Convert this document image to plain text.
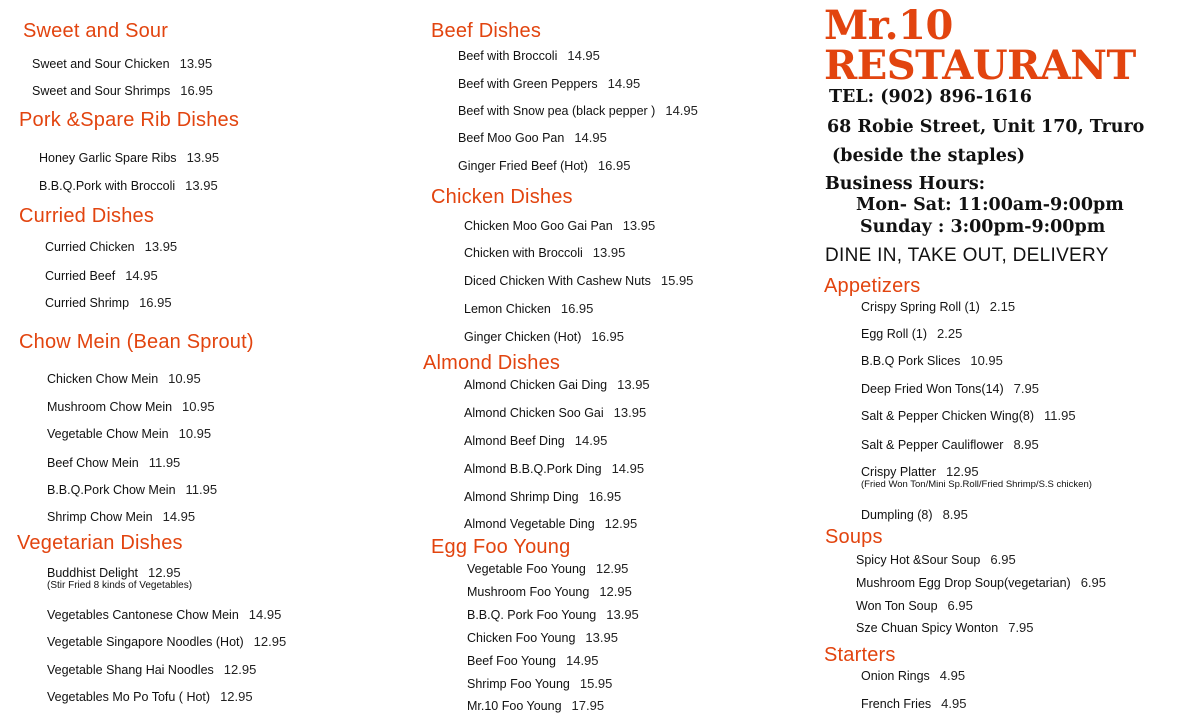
Sweet and Sour
Sweet and Sour Chicken 13.95
Sweet and Sour Shrimps 16.95
Pork &Spare Rib Dishes
Honey Garlic Spare Ribs 13.95
B.B.Q.Pork with Broccoli 13.95
Curried Dishes
Curried Chicken 13.95
Curried Beef 14.95
Curried Shrimp 16.95
Chow Mein (Bean Sprout)
Chicken Chow Mein 10.95
Mushroom Chow Mein 10.95
Vegetable Chow Mein 10.95
Beef Chow Mein 11.95
B.B.Q.Pork Chow Mein 11.95
Shrimp Chow Mein 14.95
Vegetarian Dishes
Buddhist Delight 12.95
(Stir Fried 8 kinds of Vegetables)
Vegetables Cantonese Chow Mein 14.95
Vegetable Singapore Noodles (Hot) 12.95
Vegetable Shang Hai Noodles 12.95
Vegetables Mo Po Tofu ( Hot) 12.95
Beef Dishes
Beef with Broccoli 14.95
Beef with Green Peppers 14.95
Beef with Snow pea (black pepper ) 14.95
Beef Moo Goo Pan 14.95
Ginger Fried Beef (Hot) 16.95
Chicken Dishes
Chicken Moo Goo Gai Pan 13.95
Chicken with Broccoli 13.95
Diced Chicken With Cashew Nuts 15.95
Lemon Chicken 16.95
Ginger Chicken (Hot) 16.95
Almond Dishes
Almond Chicken Gai Ding 13.95
Almond Chicken Soo Gai 13.95
Almond Beef Ding 14.95
Almond B.B.Q.Pork Ding 14.95
Almond Shrimp Ding 16.95
Almond Vegetable Ding 12.95
Egg Foo Young
Vegetable Foo Young 12.95
Mushroom Foo Young 12.95
B.B.Q. Pork Foo Young 13.95
Chicken Foo Young 13.95
Beef Foo Young 14.95
Shrimp Foo Young 15.95
Mr.10 Foo Young 17.95
Mr.10
RESTAURANT
TEL: (902) 896-1616
68 Robie Street, Unit 170, Truro
(beside the staples)
Business Hours:
Mon- Sat: 11:00am-9:00pm
Sunday : 3:00pm-9:00pm
DINE IN, TAKE OUT, DELIVERY
Appetizers
Crispy Spring Roll (1) 2.15
Egg Roll (1) 2.25
B.B.Q Pork Slices 10.95
Deep Fried Won Tons(14) 7.95
Salt & Pepper Chicken Wing(8) 11.95
Salt & Pepper Cauliflower 8.95
Crispy Platter 12.95
(Fried Won Ton/Mini Sp.Roll/Fried Shrimp/S.S chicken)
Dumpling (8) 8.95
Soups
Spicy Hot &Sour Soup 6.95
Mushroom Egg Drop Soup(vegetarian) 6.95
Won Ton Soup 6.95
Sze Chuan Spicy Wonton 7.95
Starters
Onion Rings 4.95
French Fries 4.95
